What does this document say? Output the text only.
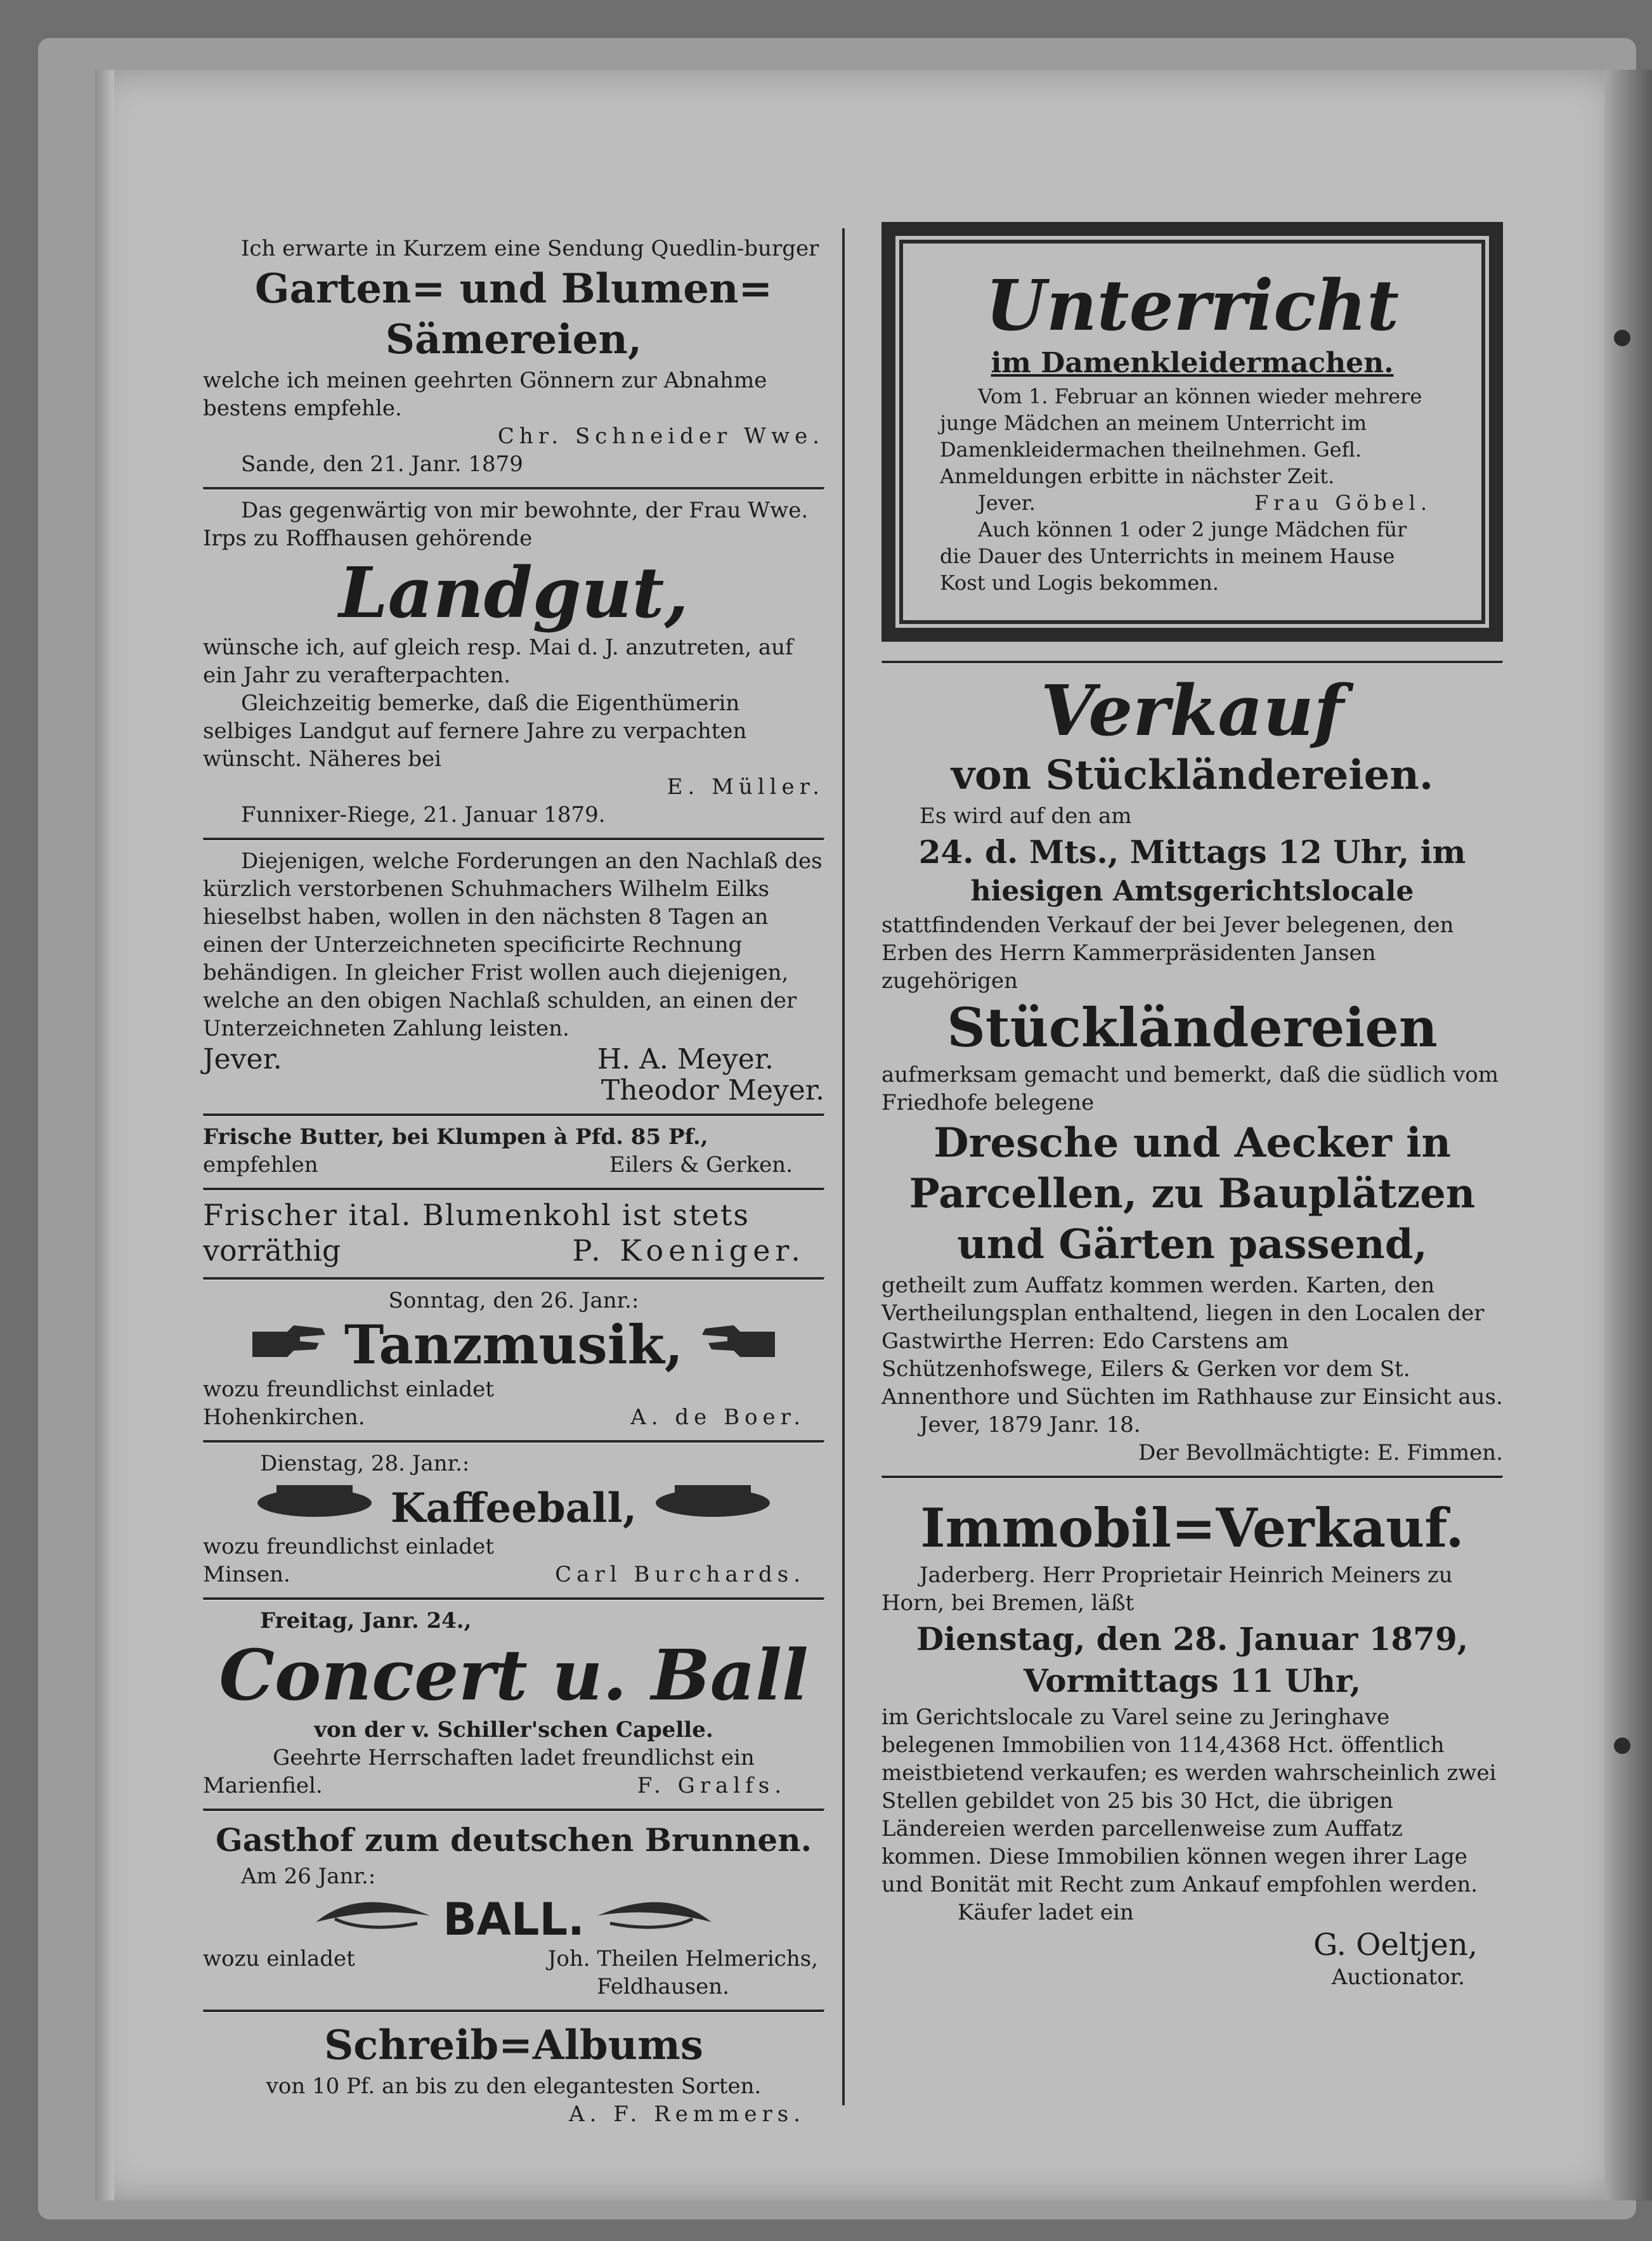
Ich erwarte in Kurzem eine Sendung Quedlin-burger

Garten= und Blumen=

Sämereien,

welche ich meinen geehrten Gönnern zur Abnahme bestens empfehle.

Chr. Schneider Wwe.

Sande, den 21. Janr. 1879

Das gegenwärtig von mir bewohnte, der Frau Wwe. Irps zu Roffhausen gehörende

Landgut,

wünsche ich, auf gleich resp. Mai d. J. anzutreten, auf ein Jahr zu verafterpachten.

Gleichzeitig bemerke, daß die Eigenthümerin selbiges Landgut auf fernere Jahre zu verpachten wünscht. Näheres bei

E. Müller.

Funnixer-Riege, 21. Januar 1879.

Diejenigen, welche Forderungen an den Nachlaß des kürzlich verstorbenen Schuhmachers Wilhelm Eilks hieselbst haben, wollen in den nächsten 8 Tagen an einen der Unterzeichneten specificirte Rechnung behändigen. In gleicher Frist wollen auch diejenigen, welche an den obigen Nachlaß schulden, an einen der Unterzeichneten Zahlung leisten.

Jever.	H. A. Meyer.

Theodor Meyer.

Frische Butter, bei Klumpen à Pfd. 85 Pf.,

empfehlen	Eilers & Gerken.

Frischer ital. Blumenkohl ist stets

vorräthig	P. Koeniger.

Sonntag, den 26. Janr.:

Tanzmusik,

wozu freundlichst einladet

Hohenkirchen.	A. de Boer.

Dienstag, 28. Janr.:

Kaffeeball,

wozu freundlichst einladet

Minsen.	Carl Burchards.

Freitag, Janr. 24.,

Concert u. Ball

von der v. Schiller'schen Capelle.

Geehrte Herrschaften ladet freundlichst ein

Marienfiel.	F. Gralfs.

Gasthof zum deutschen Brunnen.

Am 26 Janr.:

BALL.

wozu einladet	Joh. Theilen Helmerichs,

Feldhausen.

Schreib=Albums

von 10 Pf. an bis zu den elegantesten Sorten.

A. F. Remmers.

Unterricht

im Damenkleidermachen.

Vom 1. Februar an können wieder mehrere junge Mädchen an meinem Unterricht im Damenkleidermachen theilnehmen. Gefl. Anmeldungen erbitte in nächster Zeit.

Jever.	Frau Göbel.

Auch können 1 oder 2 junge Mädchen für die Dauer des Unterrichts in meinem Hause Kost und Logis bekommen.

Verkauf

von Stückländereien.

Es wird auf den am

24. d. Mts., Mittags 12 Uhr, im

hiesigen Amtsgerichtslocale

stattfindenden Verkauf der bei Jever belegenen, den Erben des Herrn Kammerpräsidenten Jansen zugehörigen

Stückländereien

aufmerksam gemacht und bemerkt, daß die südlich vom Friedhofe belegene

Dresche und Aecker in

Parcellen, zu Bauplätzen

und Gärten passend,

getheilt zum Auffatz kommen werden. Karten, den Vertheilungsplan enthaltend, liegen in den Localen der Gastwirthe Herren: Edo Carstens am Schützenhofswege, Eilers & Gerken vor dem St. Annenthore und Süchten im Rathhause zur Einsicht aus.

Jever, 1879 Janr. 18.

Der Bevollmächtigte: E. Fimmen.

Immobil=Verkauf.

Jaderberg. Herr Proprietair Heinrich Meiners zu Horn, bei Bremen, läßt

Dienstag, den 28. Januar 1879,

Vormittags 11 Uhr,

im Gerichtslocale zu Varel seine zu Jeringhave belegenen Immobilien von 114,4368 Hct. öffentlich meistbietend verkaufen; es werden wahrscheinlich zwei Stellen gebildet von 25 bis 30 Hct, die übrigen Ländereien werden parcellenweise zum Auffatz kommen. Diese Immobilien können wegen ihrer Lage und Bonität mit Recht zum Ankauf empfohlen werden.

Käufer ladet ein

G. Oeltjen,

Auctionator.
